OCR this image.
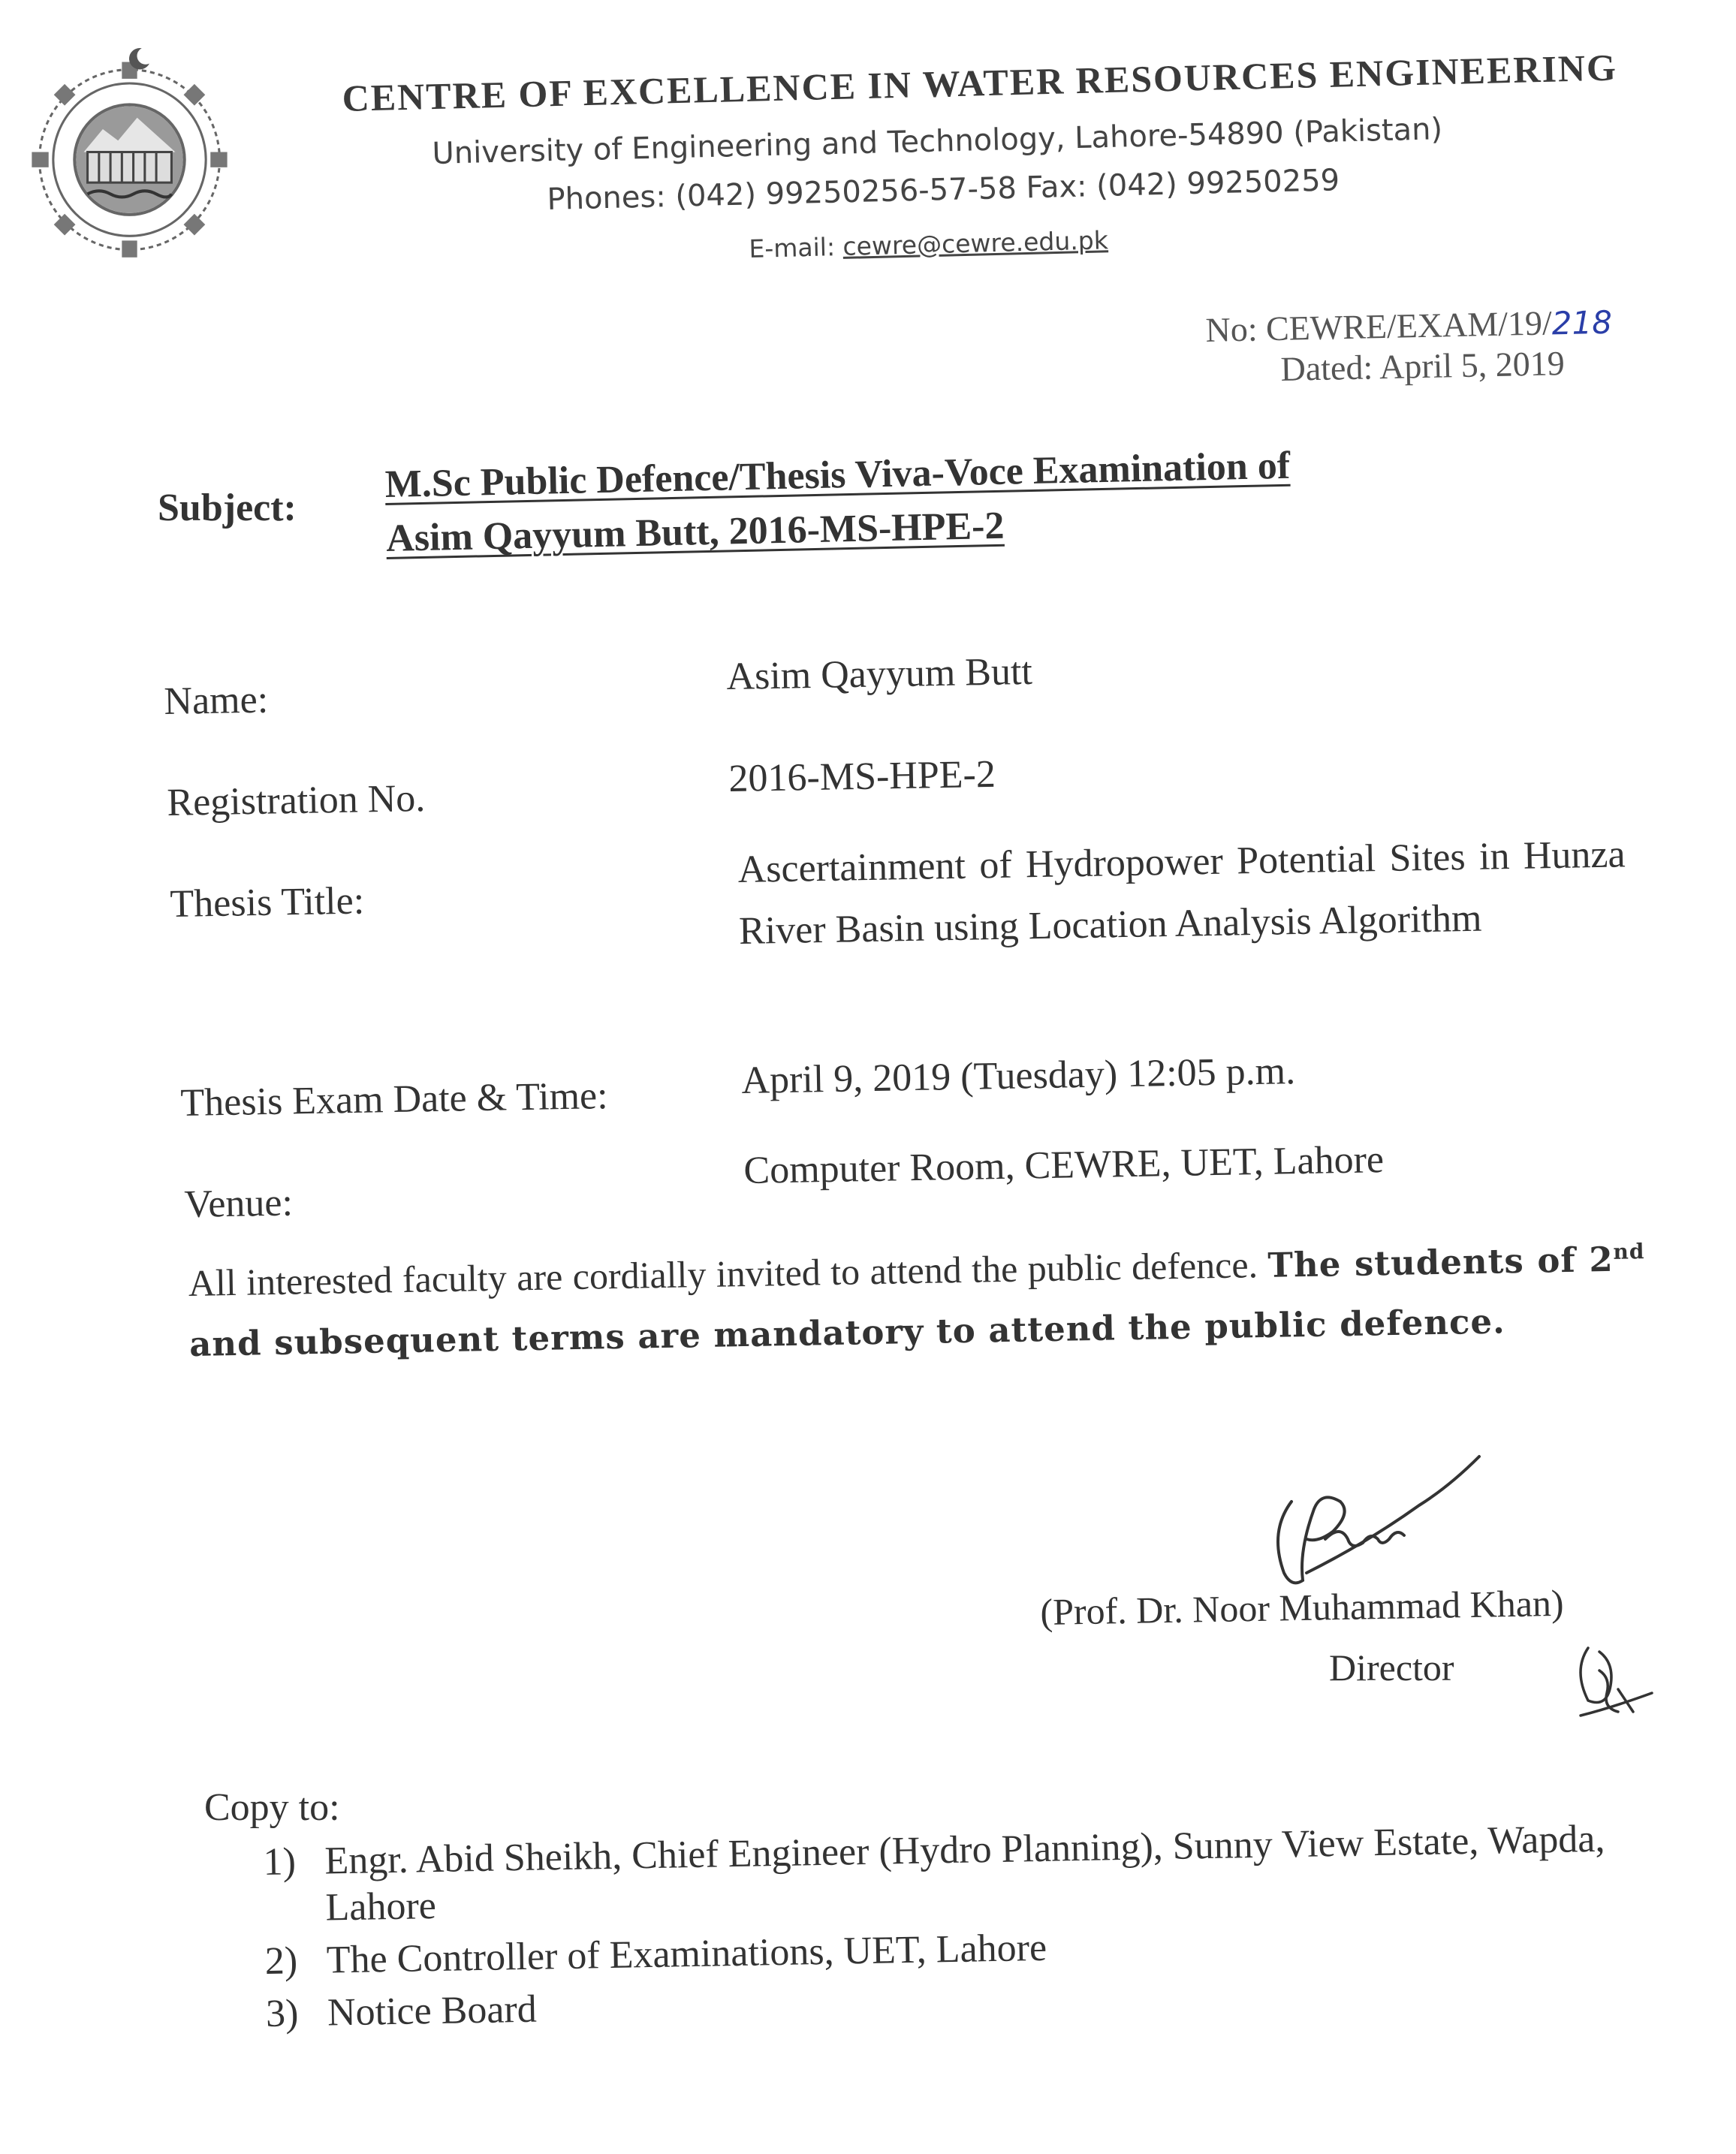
CENTRE OF EXCELLENCE IN WATER RESOURCES ENGINEERING
University of Engineering and Technology, Lahore-54890 (Pakistan)
Phones: (042) 99250256-57-58 Fax: (042) 99250259
E-mail: cewre@cewre.edu.pk
No: CEWRE/EXAM/19/218
Dated: April 5, 2019
Subject:
M.Sc Public Defence/Thesis Viva-Voce Examination of
Asim Qayyum Butt, 2016-MS-HPE-2
Name:
Asim Qayyum Butt
Registration No.
2016-MS-HPE-2
Thesis Title:
Ascertainment of Hydropower Potential Sites in Hunza River Basin using Location Analysis Algorithm
Thesis Exam Date & Time:	April 9, 2019 (Tuesday) 12:05 p.m.
Venue:
Computer Room, CEWRE, UET, Lahore
All interested faculty are cordially invited to attend the public defence. The students of 2nd and subsequent terms are mandatory to attend the public defence.
(Prof. Dr. Noor Muhammad Khan)
Director
Copy to:
1) Engr. Abid Sheikh, Chief Engineer (Hydro Planning), Sunny View Estate, Wapda, Lahore
2) The Controller of Examinations, UET, Lahore
3) Notice Board
